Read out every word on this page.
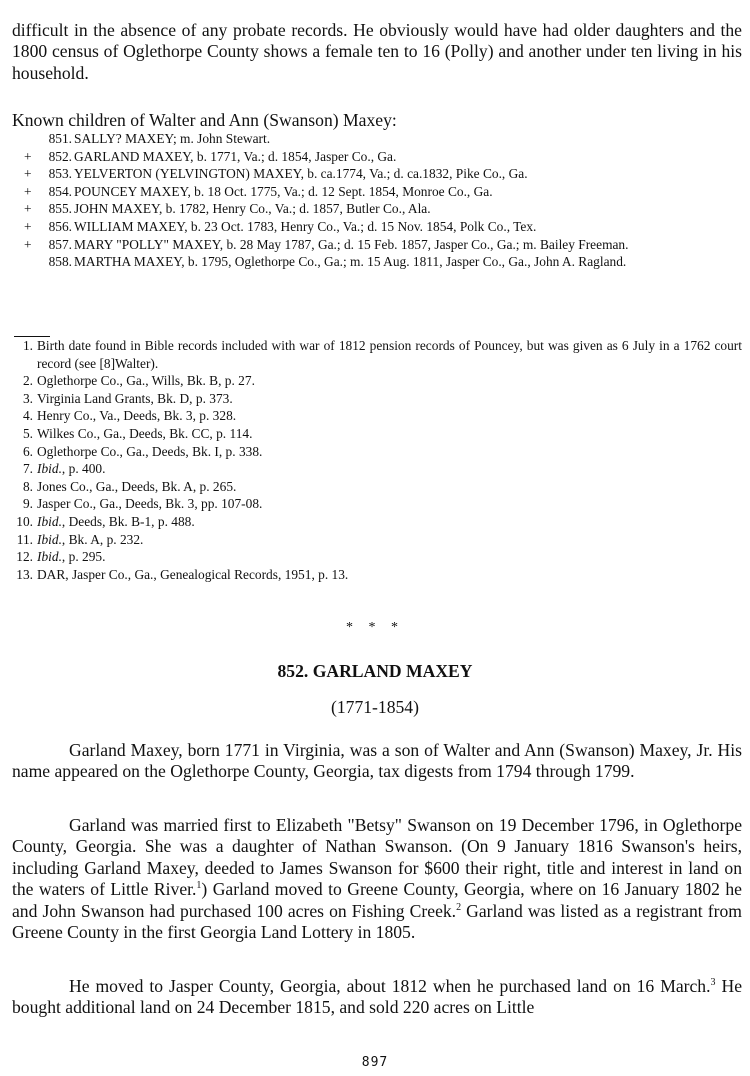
difficult in the absence of any probate records. He obviously would have had older daughters and the 1800 census of Oglethorpe County shows a female ten to 16 (Polly) and another under ten living in his household.

Known children of Walter and Ann (Swanson) Maxey:

851. SALLY? MAXEY; m. John Stewart.
+	852. GARLAND MAXEY, b. 1771, Va.; d. 1854, Jasper Co., Ga.
+	853. YELVERTON (YELVINGTON) MAXEY, b. ca.1774, Va.; d. ca.1832, Pike Co., Ga.
+	854. POUNCEY MAXEY, b. 18 Oct. 1775, Va.; d. 12 Sept. 1854, Monroe Co., Ga.
+	855. JOHN MAXEY, b. 1782, Henry Co., Va.; d. 1857, Butler Co., Ala.
+	856. WILLIAM MAXEY, b. 23 Oct. 1783, Henry Co., Va.; d. 15 Nov. 1854, Polk Co., Tex.
+	857. MARY "POLLY" MAXEY, b. 28 May 1787, Ga.; d. 15 Feb. 1857, Jasper Co., Ga.; m. Bailey Freeman.
858. MARTHA MAXEY, b. 1795, Oglethorpe Co., Ga.; m. 15 Aug. 1811, Jasper Co., Ga., John A. Ragland.
1. Birth date found in Bible records included with war of 1812 pension records of Pouncey, but was given as 6 July in a 1762 court record (see [8]Walter).
2. Oglethorpe Co., Ga., Wills, Bk. B, p. 27.
3. Virginia Land Grants, Bk. D, p. 373.
4. Henry Co., Va., Deeds, Bk. 3, p. 328.
5. Wilkes Co., Ga., Deeds, Bk. CC, p. 114.
6. Oglethorpe Co., Ga., Deeds, Bk. I, p. 338.
7. Ibid., p. 400.
8. Jones Co., Ga., Deeds, Bk. A, p. 265.
9. Jasper Co., Ga., Deeds, Bk. 3, pp. 107-08.
10. Ibid., Deeds, Bk. B-1, p. 488.
11. Ibid., Bk. A, p. 232.
12. Ibid., p. 295.
13. DAR, Jasper Co., Ga., Genealogical Records, 1951, p. 13.
* * *
852. GARLAND MAXEY
(1771-1854)

Garland Maxey, born 1771 in Virginia, was a son of Walter and Ann (Swanson) Maxey, Jr. His name appeared on the Oglethorpe County, Georgia, tax digests from 1794 through 1799.

Garland was married first to Elizabeth "Betsy" Swanson on 19 December 1796, in Oglethorpe County, Georgia. She was a daughter of Nathan Swanson. (On 9 January 1816 Swanson's heirs, including Garland Maxey, deeded to James Swanson for $600 their right, title and interest in land on the waters of Little River.$^1$) Garland moved to Greene County, Georgia, where on 16 January 1802 he and John Swanson had purchased 100 acres on Fishing Creek.$^2$ Garland was listed as a registrant from Greene County in the first Georgia Land Lottery in 1805.

He moved to Jasper County, Georgia, about 1812 when he purchased land on 16 March.$^3$ He bought additional land on 24 December 1815, and sold 220 acres on Little

897
